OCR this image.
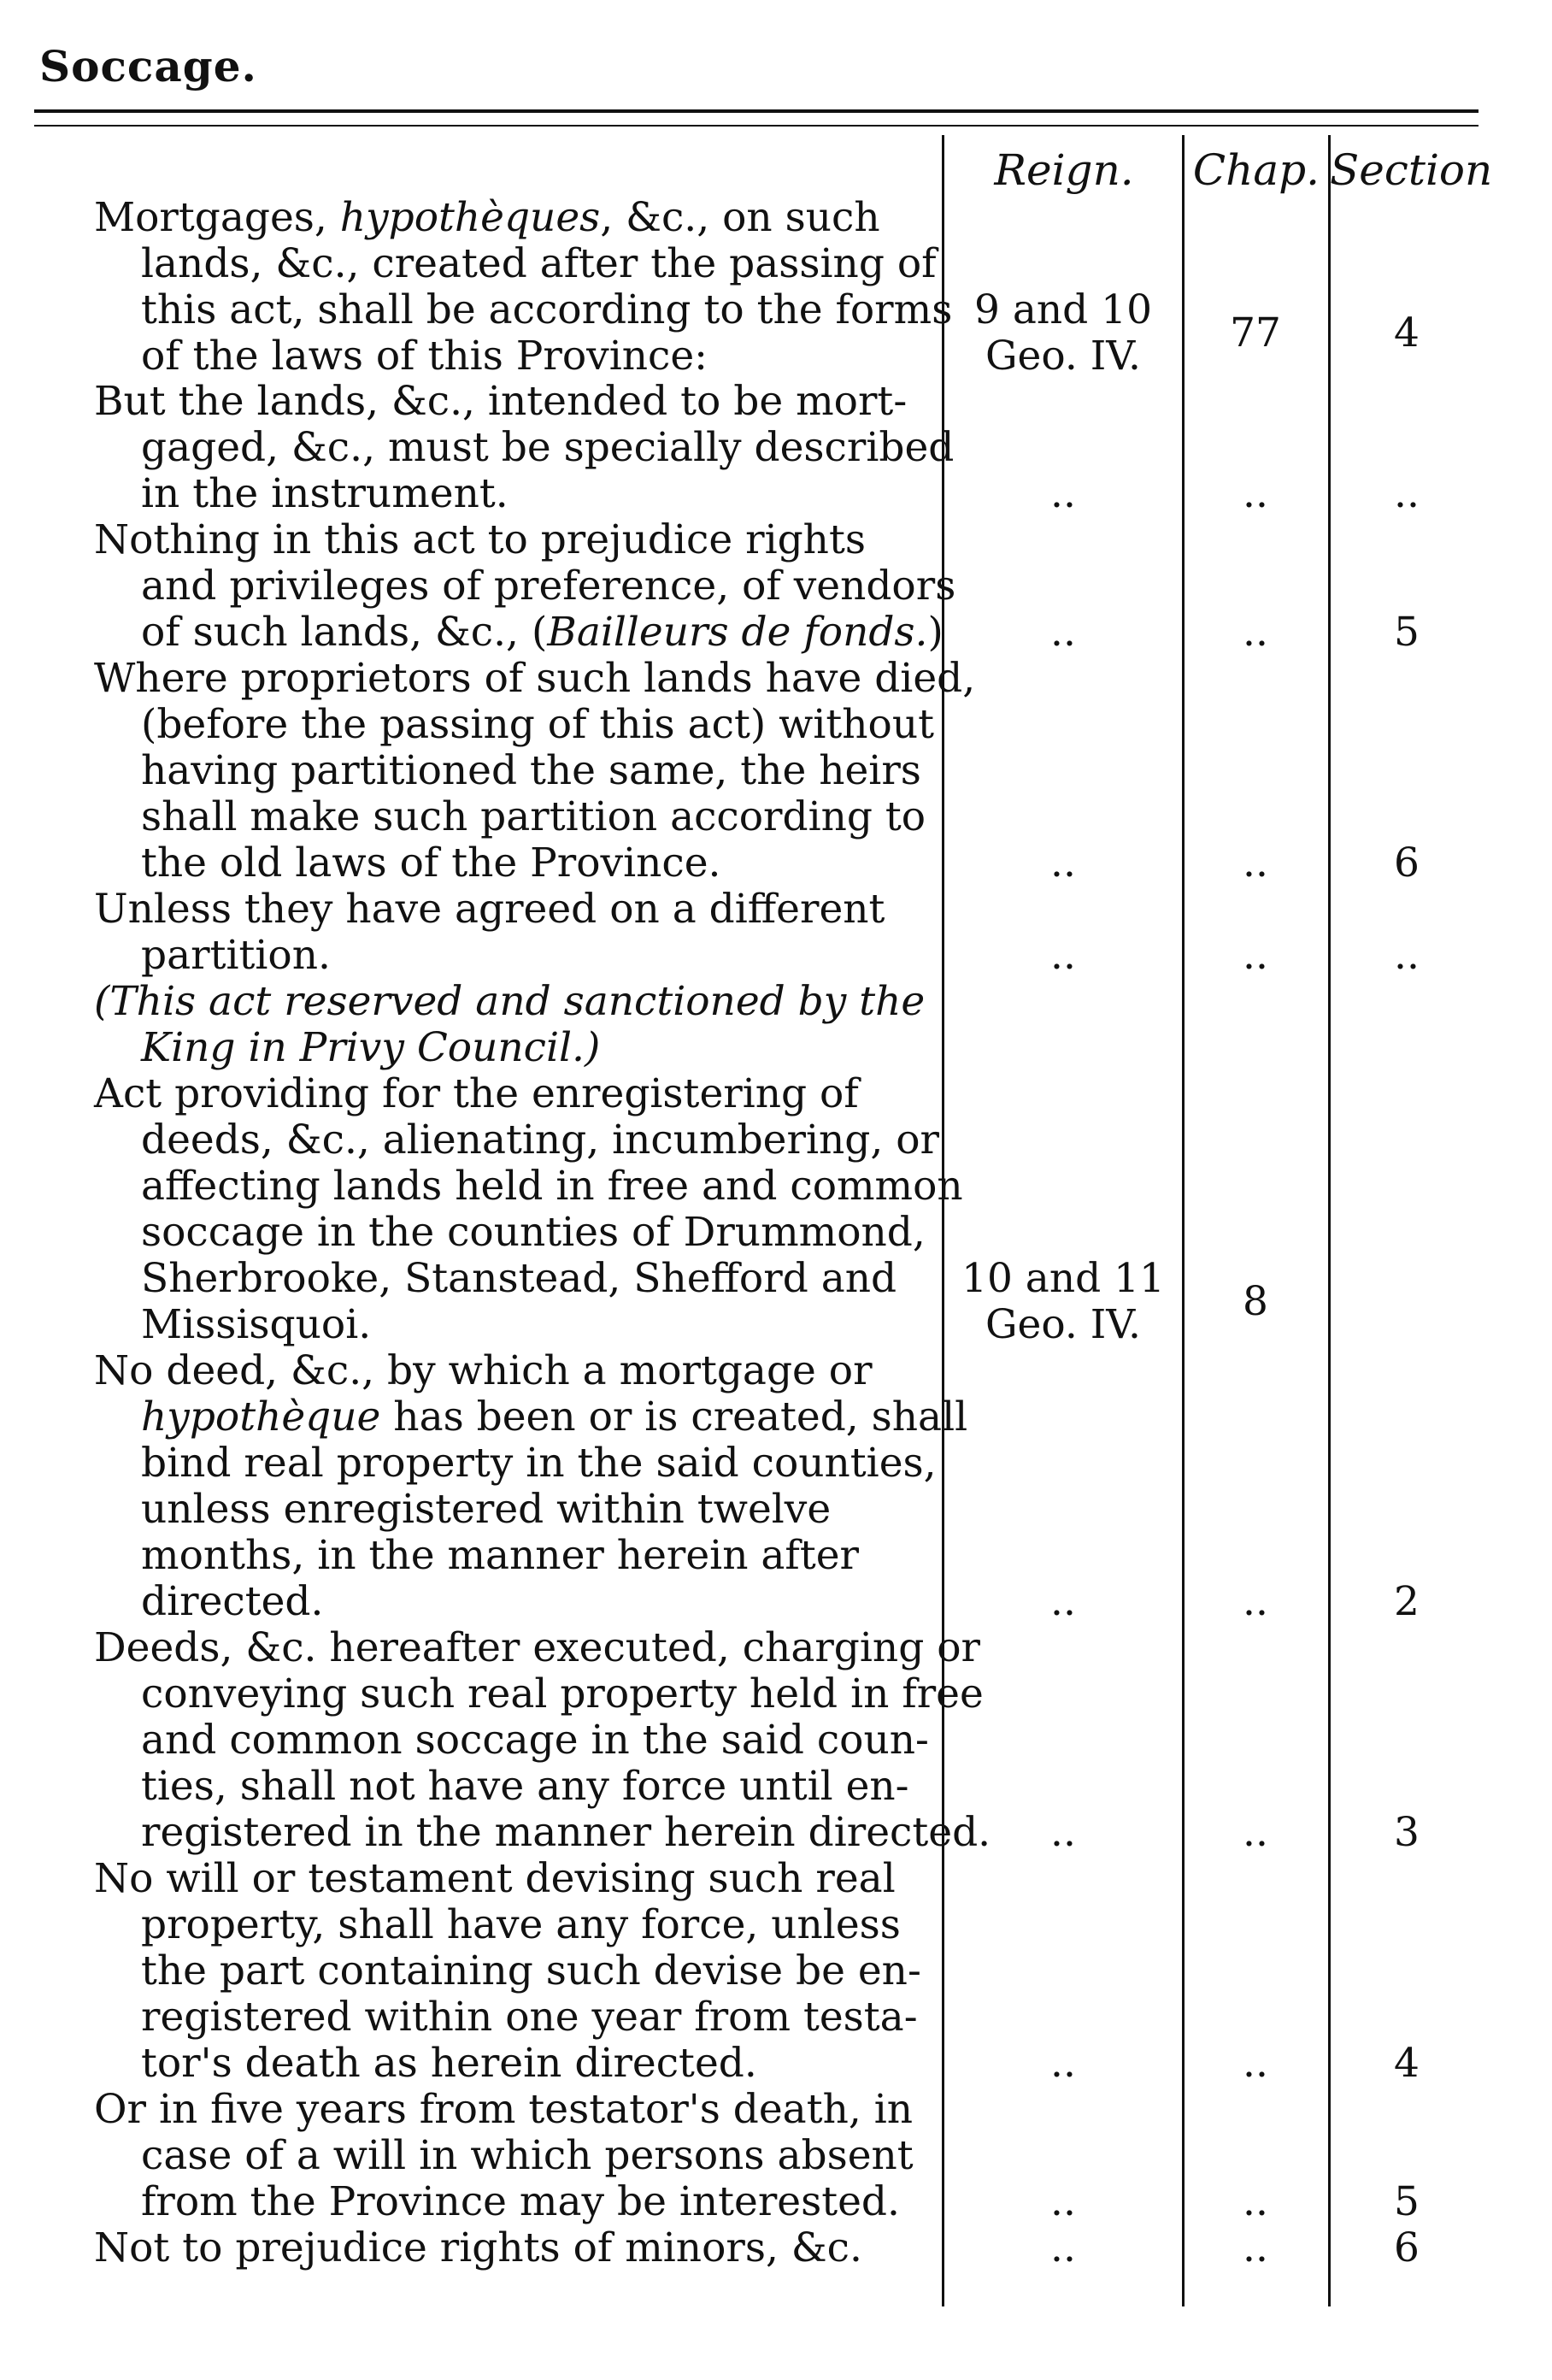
Soccage.
Reign.	Chap. Section
Mortgages, hypothèques, &c., on such
lands, &c., created after the passing of
this act, shall be according to the forms
of the laws of this Province:
9 and 10
Geo. IV.	77	4
But the lands, &c., intended to be mort-
gaged, &c., must be specially described
in the instrument.	..	..	..
Nothing in this act to prejudice rights
and privileges of preference, of vendors
of such lands, &c., (Bailleurs de fonds.)	..	..	5
Where proprietors of such lands have died,
(before the passing of this act) without
having partitioned the same, the heirs
shall make such partition according to
the old laws of the Province.	..	..	6
Unless they have agreed on a different
partition.	..	..	..
(This act reserved and sanctioned by the
King in Privy Council.)
Act providing for the enregistering of
deeds, &c., alienating, incumbering, or
affecting lands held in free and common
soccage in the counties of Drummond,
Sherbrooke, Stanstead, Shefford and
Missisquoi.
10 and 11
Geo. IV.	8
No deed, &c., by which a mortgage or
hypothèque has been or is created, shall
bind real property in the said counties,
unless enregistered within twelve
months, in the manner herein after
directed.	..	..	2
Deeds, &c. hereafter executed, charging or
conveying such real property held in free
and common soccage in the said coun-
ties, shall not have any force until en-
registered in the manner herein directed.	..	..	3
No will or testament devising such real
property, shall have any force, unless
the part containing such devise be en-
registered within one year from testa-
tor's death as herein directed.	..	..	4
Or in five years from testator's death, in
case of a will in which persons absent
from the Province may be interested.	..	..	5
Not to prejudice rights of minors, &c.	..	..	6
